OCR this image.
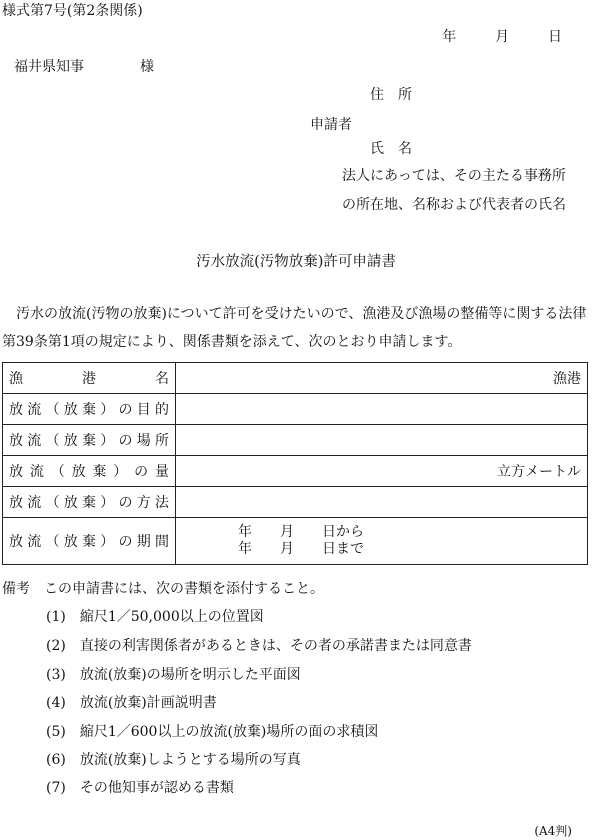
様式第7号(第2条関係)
年	月	日
福井県知事　　　　様
住　所
申請者
氏　名
法人にあっては、その主たる事務所
の所在地、名称および代表者の氏名
汚水放流(汚物放棄)許可申請書
汚水の放流(汚物の放棄)について許可を受けたいので、漁港及び漁場の整備等に関する法律第39条第1項の規定により、関係書類を添えて、次のとおり申請します。
漁港名	漁港
放流（放棄）の目的	
放流（放棄）の場所	
放流（放棄）の量	立方メートル
放流（放棄）の方法	
放流（放棄）の期間	年　　月　　日から
年　　月　　日まで
備考　この申請書には、次の書類を添付すること。
(1)　縮尺1／50,000以上の位置図
(2)　直接の利害関係者があるときは、その者の承諾書または同意書
(3)　放流(放棄)の場所を明示した平面図
(4)　放流(放棄)計画説明書
(5)　縮尺1／600以上の放流(放棄)場所の面の求積図
(6)　放流(放棄)しようとする場所の写真
(7)　その他知事が認める書類
(A4判)
